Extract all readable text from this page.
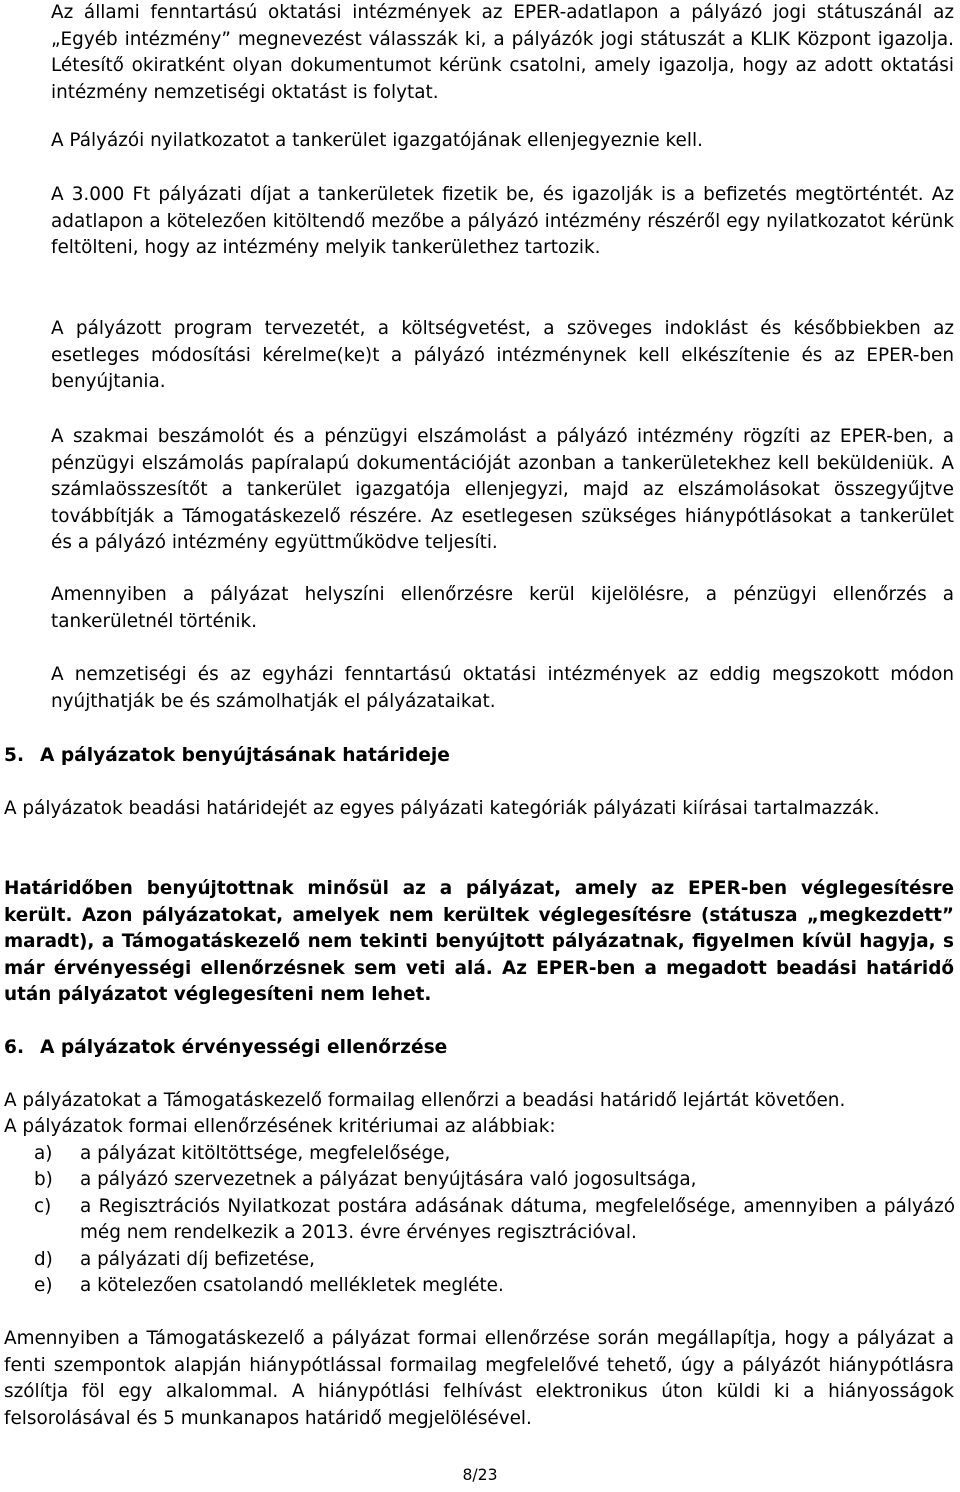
Az állami fenntartású oktatási intézmények az EPER-adatlapon a pályázó jogi státuszánál az „Egyéb intézmény” megnevezést válasszák ki, a pályázók jogi státuszát a KLIK Központ igazolja. Létesítő okiratként olyan dokumentumot kérünk csatolni, amely igazolja, hogy az adott oktatási intézmény nemzetiségi oktatást is folytat.

A Pályázói nyilatkozatot a tankerület igazgatójának ellenjegyeznie kell.

A 3.000 Ft pályázati díjat a tankerületek fizetik be, és igazolják is a befizetés megtörténtét. Az adatlapon a kötelezően kitöltendő mezőbe a pályázó intézmény részéről egy nyilatkozatot kérünk feltölteni, hogy az intézmény melyik tankerülethez tartozik.

A pályázott program tervezetét, a költségvetést, a szöveges indoklást és későbbiekben az esetleges módosítási kérelme(ke)t a pályázó intézménynek kell elkészítenie és az EPER-ben benyújtania.

A szakmai beszámolót és a pénzügyi elszámolást a pályázó intézmény rögzíti az EPER-ben, a pénzügyi elszámolás papíralapú dokumentációját azonban a tankerületekhez kell beküldeniük. A számlaösszesítőt a tankerület igazgatója ellenjegyzi, majd az elszámolásokat összegyűjtve továbbítják a Támogatáskezelő részére. Az esetlegesen szükséges hiánypótlásokat a tankerület és a pályázó intézmény együttműködve teljesíti.

Amennyiben a pályázat helyszíni ellenőrzésre kerül kijelölésre, a pénzügyi ellenőrzés a tankerületnél történik.

A nemzetiségi és az egyházi fenntartású oktatási intézmények az eddig megszokott módon nyújthatják be és számolhatják el pályázataikat.

5. A pályázatok benyújtásának határideje

A pályázatok beadási határidejét az egyes pályázati kategóriák pályázati kiírásai tartalmazzák.

Határidőben benyújtottnak minősül az a pályázat, amely az EPER-ben véglegesítésre került. Azon pályázatokat, amelyek nem kerültek véglegesítésre (státusza „megkezdett” maradt), a Támogatáskezelő nem tekinti benyújtott pályázatnak, figyelmen kívül hagyja, s már érvényességi ellenőrzésnek sem veti alá. Az EPER-ben a megadott beadási határidő után pályázatot véglegesíteni nem lehet.

6. A pályázatok érvényességi ellenőrzése

A pályázatokat a Támogatáskezelő formailag ellenőrzi a beadási határidő lejártát követően.

A pályázatok formai ellenőrzésének kritériumai az alábbiak:

a) a pályázat kitöltöttsége, megfelelősége,
b) a pályázó szervezetnek a pályázat benyújtására való jogosultsága,
c) a Regisztrációs Nyilatkozat postára adásának dátuma, megfelelősége, amennyiben a pályázó még nem rendelkezik a 2013. évre érvényes regisztrációval.
d) a pályázati díj befizetése,
e) a kötelezően csatolandó mellékletek megléte.

Amennyiben a Támogatáskezelő a pályázat formai ellenőrzése során megállapítja, hogy a pályázat a fenti szempontok alapján hiánypótlással formailag megfelelővé tehető, úgy a pályázót hiánypótlásra szólítja föl egy alkalommal. A hiánypótlási felhívást elektronikus úton küldi ki a hiányosságok felsorolásával és 5 munkanapos határidő megjelölésével.

8/23
